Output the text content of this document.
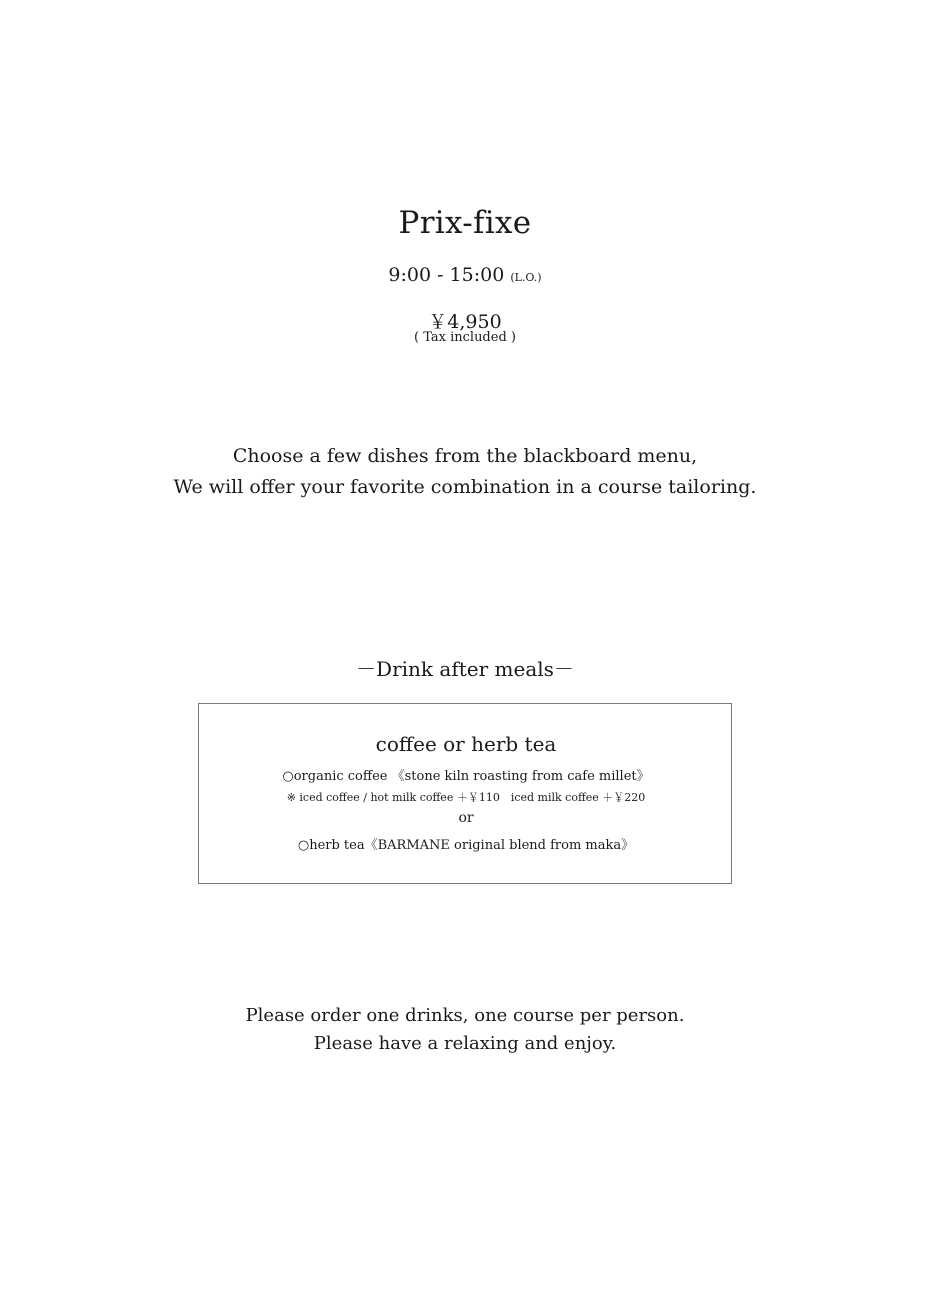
Prix-fixe
9:00 - 15:00 (L.O.)
￥4,950
( Tax included )
Choose a few dishes from the blackboard menu,
We will offer your favorite combination in a course tailoring.
－Drink after meals－
coffee or herb tea
○organic coffee 《stone kiln roasting from cafe millet》
※ iced coffee / hot milk coffee ＋￥110　iced milk coffee ＋￥220
or
○herb tea《BARMANE original blend from maka》
Please order one drinks, one course per person.
Please have a relaxing and enjoy.
